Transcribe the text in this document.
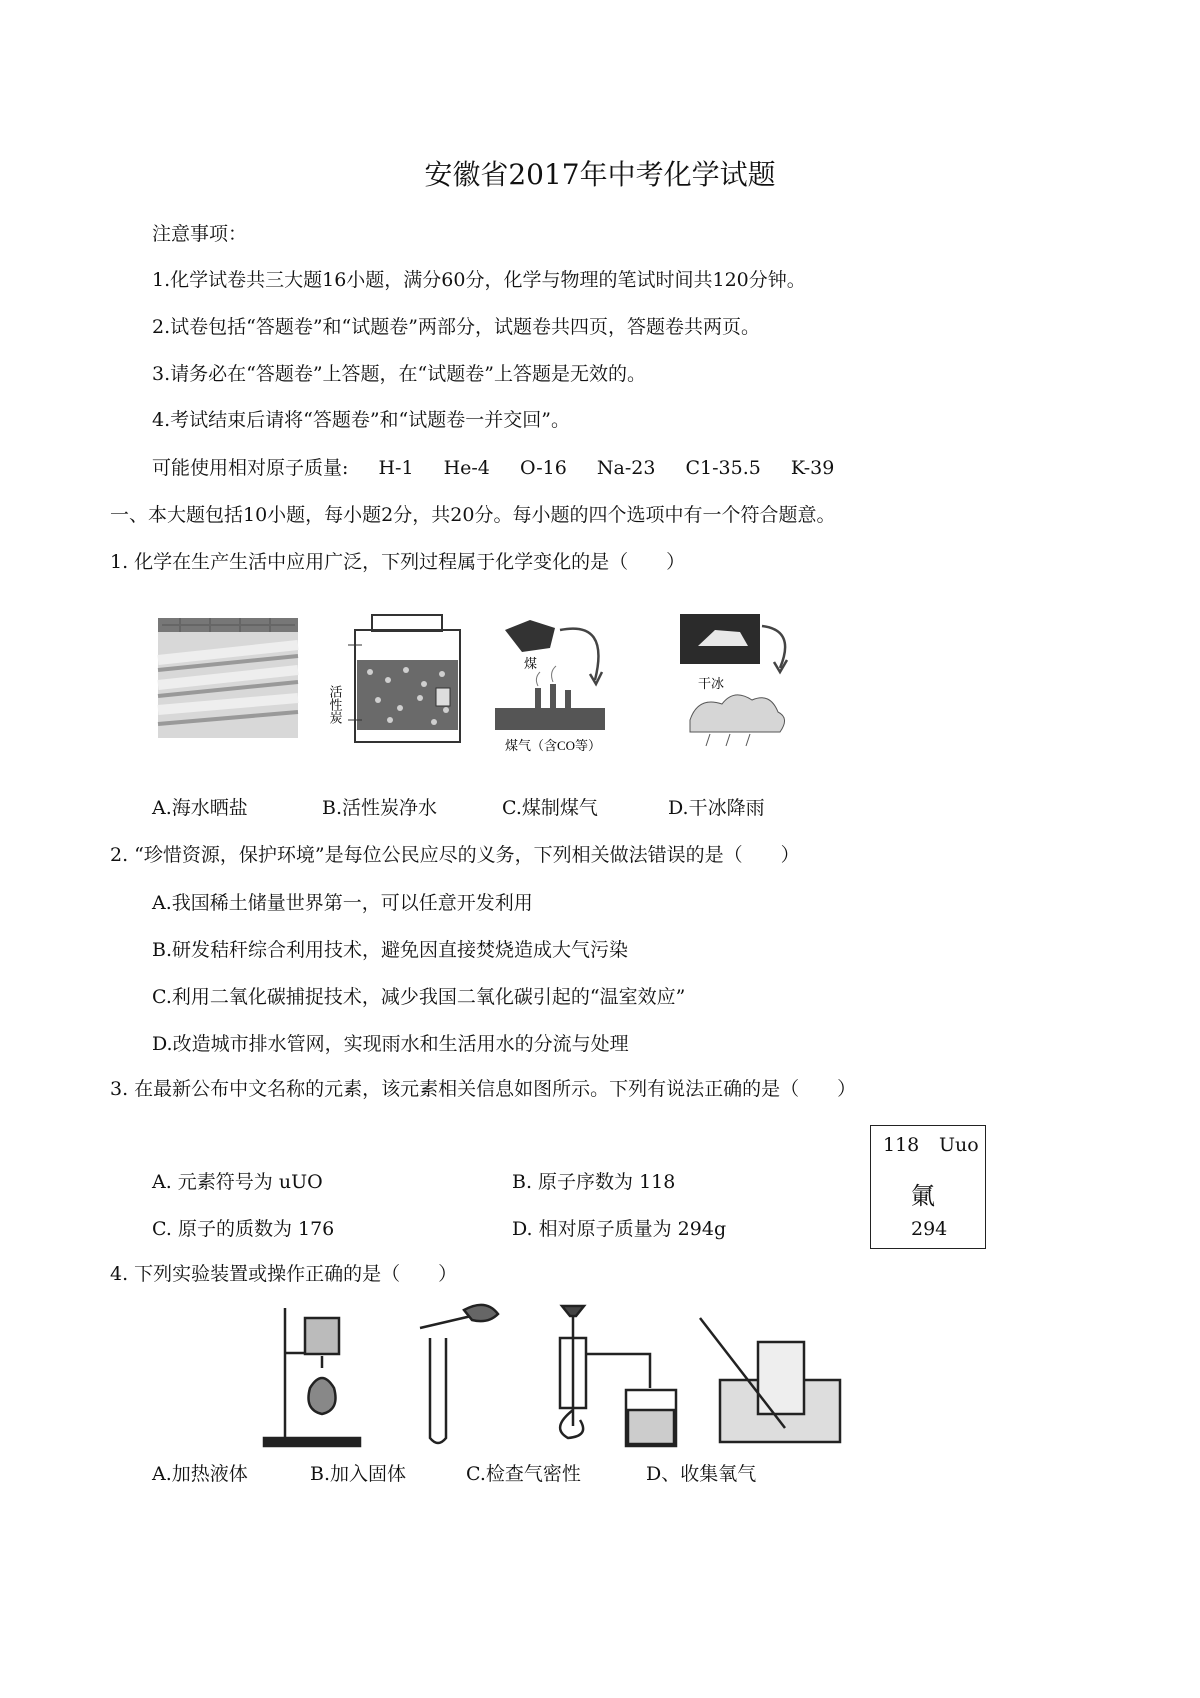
安徽省2017年中考化学试题
注意事项：
1.化学试卷共三大题16小题，满分60分，化学与物理的笔试时间共120分钟。
2.试卷包括“答题卷”和“试题卷”两部分，试题卷共四页，答题卷共两页。
3.请务必在“答题卷”上答题，在“试题卷”上答题是无效的。
4.考试结束后请将“答题卷”和“试题卷一并交回”。
可能使用相对原子质量: H-1 He-4 O-16 Na-23 C1-35.5 K-39
一、本大题包括10小题，每小题2分，共20分。每小题的四个选项中有一个符合题意。
1. 化学在生产生活中应用广泛，下列过程属于化学变化的是（　　）
活性炭
煤
煤气（含CO等）
干冰
A.海水晒盐	B.活性炭净水	C.煤制煤气	D.干冰降雨
2. “珍惜资源，保护环境”是每位公民应尽的义务，下列相关做法错误的是（　　）
A.我国稀土储量世界第一，可以任意开发利用
B.研发秸秆综合利用技术，避免因直接焚烧造成大气污染
C.利用二氧化碳捕捉技术，减少我国二氧化碳引起的“温室效应”
D.改造城市排水管网，实现雨水和生活用水的分流与处理
3. 在最新公布中文名称的元素，该元素相关信息如图所示。下列有说法正确的是（　　）
A. 元素符号为 uUO	B. 原子序数为 118
C. 原子的质数为 176	D. 相对原子质量为 294g
118 Uuo
氭
294
4. 下列实验装置或操作正确的是（　　）
A.加热液体	B.加入固体	C.检查气密性	D、收集氧气
